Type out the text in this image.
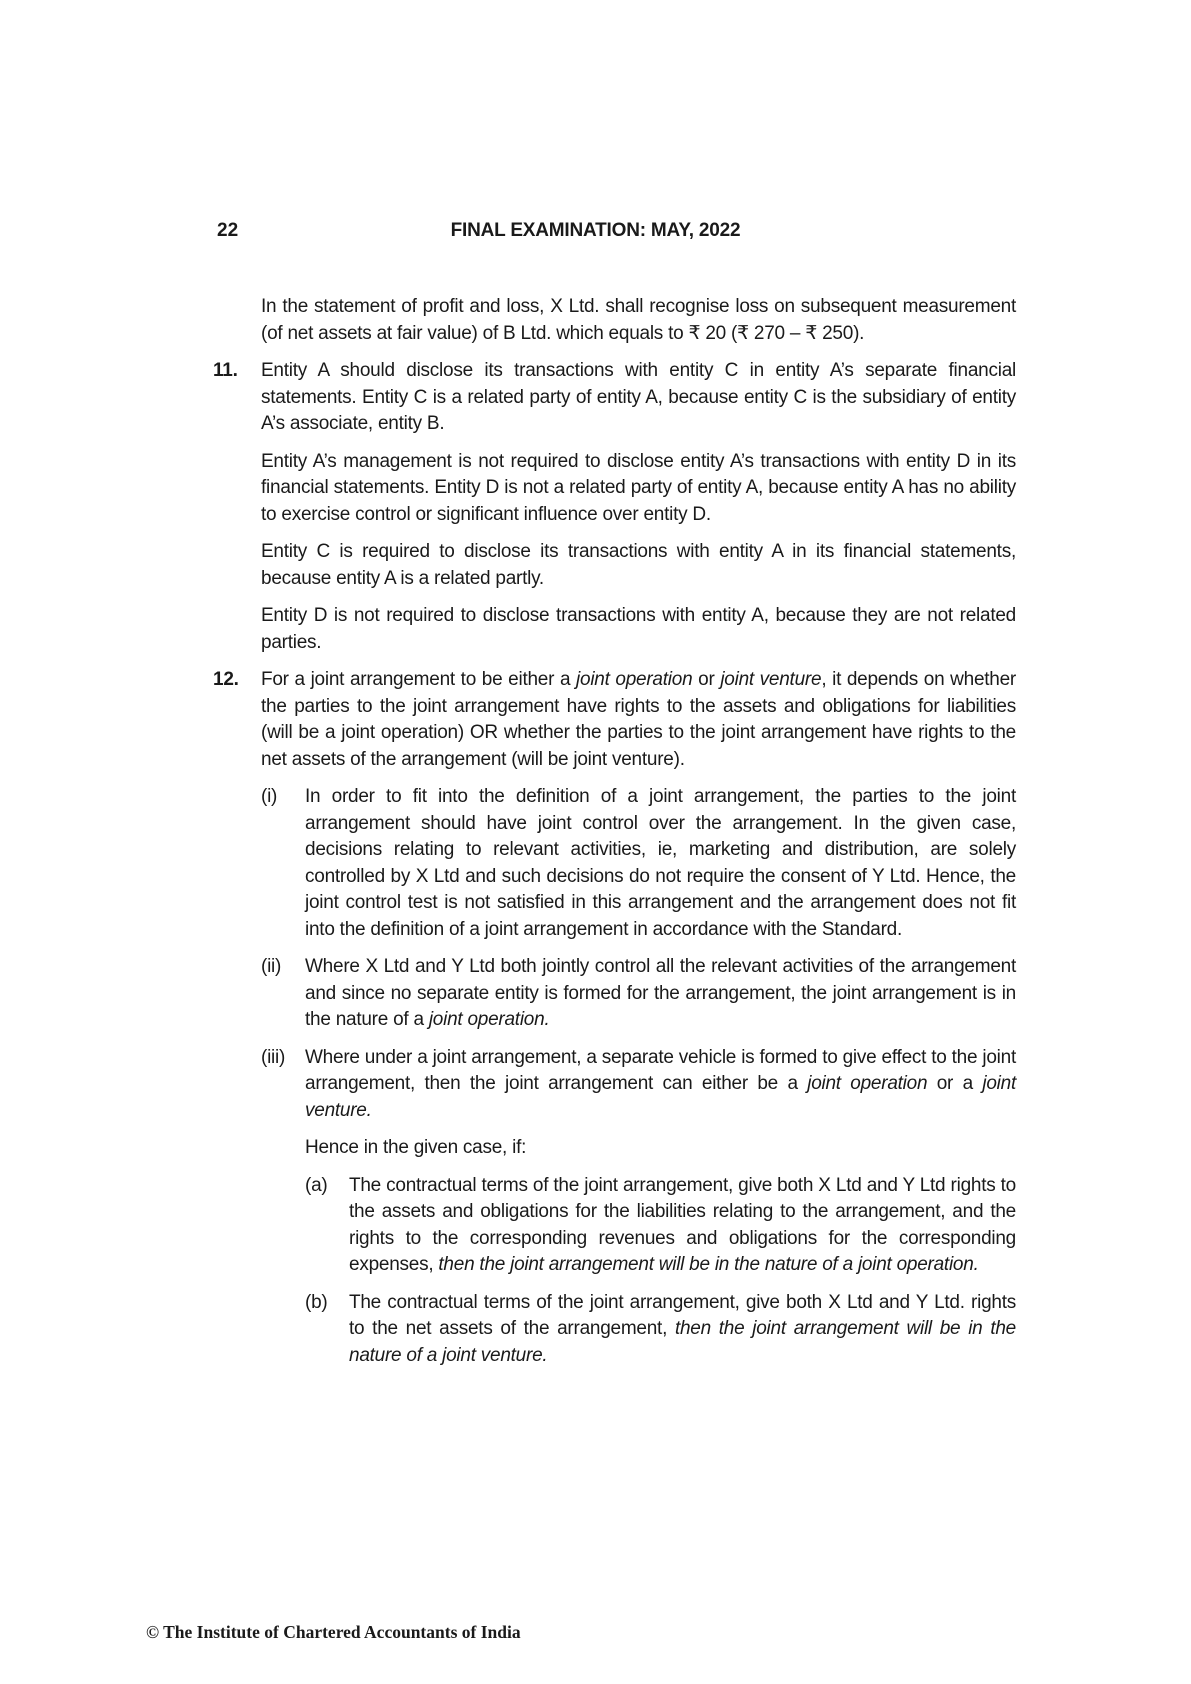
22	FINAL EXAMINATION: MAY, 2022

In the statement of profit and loss, X Ltd. shall recognise loss on subsequent measurement (of net assets at fair value) of B Ltd. which equals to ₹ 20 (₹ 270 – ₹ 250).

11.	Entity A should disclose its transactions with entity C in entity A’s separate financial statements. Entity C is a related party of entity A, because entity C is the subsidiary of entity A’s associate, entity B.

Entity A’s management is not required to disclose entity A’s transactions with entity D in its financial statements. Entity D is not a related party of entity A, because entity A has no ability to exercise control or significant influence over entity D.

Entity C is required to disclose its transactions with entity A in its financial statements, because entity A is a related partly.

Entity D is not required to disclose transactions with entity A, because they are not related parties.

12.	For a joint arrangement to be either a joint operation or joint venture, it depends on whether the parties to the joint arrangement have rights to the assets and obligations for liabilities (will be a joint operation) OR whether the parties to the joint arrangement have rights to the net assets of the arrangement (will be joint venture).

(i)	In order to fit into the definition of a joint arrangement, the parties to the joint arrangement should have joint control over the arrangement. In the given case, decisions relating to relevant activities, ie, marketing and distribution, are solely controlled by X Ltd and such decisions do not require the consent of Y Ltd. Hence, the joint control test is not satisfied in this arrangement and the arrangement does not fit into the definition of a joint arrangement in accordance with the Standard.

(ii)	Where X Ltd and Y Ltd both jointly control all the relevant activities of the arrangement and since no separate entity is formed for the arrangement, the joint arrangement is in the nature of a joint operation.

(iii)	Where under a joint arrangement, a separate vehicle is formed to give effect to the joint arrangement, then the joint arrangement can either be a joint operation or a joint venture.

Hence in the given case, if:

(a)	The contractual terms of the joint arrangement, give both X Ltd and Y Ltd rights to the assets and obligations for the liabilities relating to the arrangement, and the rights to the corresponding revenues and obligations for the corresponding expenses, then the joint arrangement will be in the nature of a joint operation.

(b)	The contractual terms of the joint arrangement, give both X Ltd and Y Ltd. rights to the net assets of the arrangement, then the joint arrangement will be in the nature of a joint venture.

© The Institute of Chartered Accountants of India
